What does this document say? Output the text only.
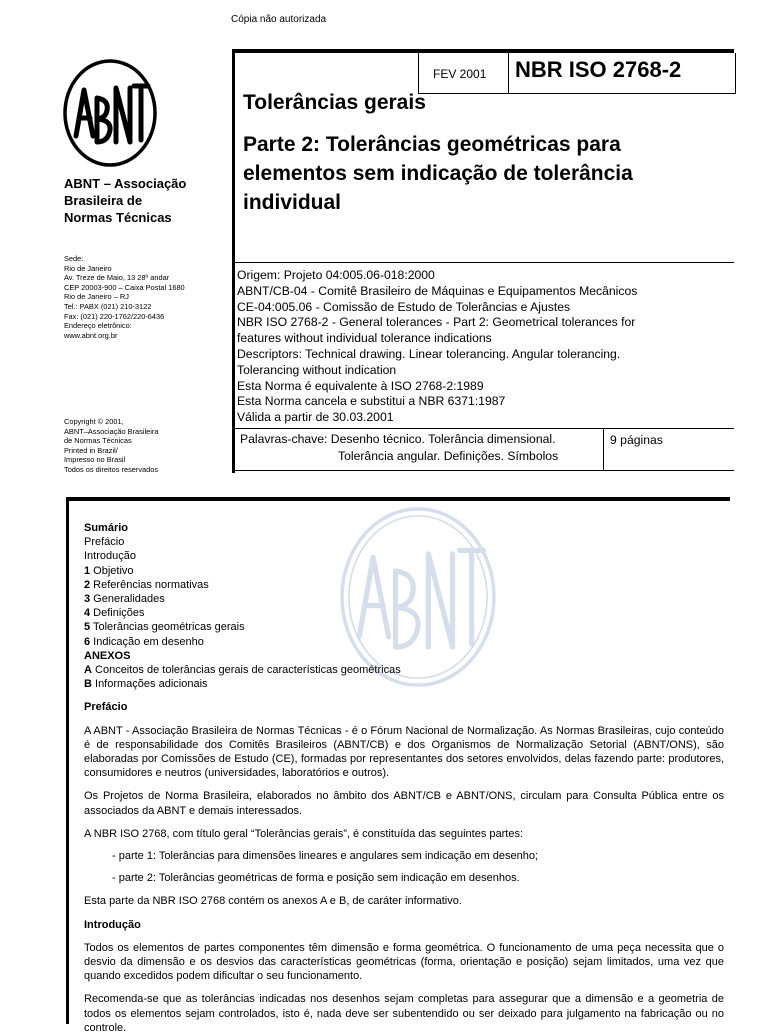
Cópia não autorizada
ABNT – Associação
Brasileira de
Normas Técnicas
Sede:
Rio de Janeiro
Av. Treze de Maio, 13 28º andar
CEP 20003-900 – Caixa Postal 1680
Rio de Janeiro – RJ
Tel.: PABX (021) 210-3122
Fax: (021) 220-1762/220-6436
Endereço eletrônico:
www.abnt.org.br
Copyright © 2001,
ABNT–Associação Brasileira
de Normas Técnicas
Printed in Brazil/
Impresso no Brasil
Todos os direitos reservados
FEV 2001 NBR ISO 2768-2
Tolerâncias gerais
Parte 2: Tolerâncias geométricas para
elementos sem indicação de tolerância
individual
Origem: Projeto 04:005.06-018:2000
ABNT/CB-04 - Comitê Brasileiro de Máquinas e Equipamentos Mecânicos
CE-04:005.06 - Comissão de Estudo de Tolerâncias e Ajustes
NBR ISO 2768-2 - General tolerances - Part 2: Geometrical tolerances for
features without individual tolerance indications
Descriptors: Technical drawing. Linear tolerancing. Angular tolerancing.
Tolerancing without indication
Esta Norma é equivalente à ISO 2768-2:1989
Esta Norma cancela e substitui a NBR 6371:1987
Válida a partir de 30.03.2001
Palavras-chave: Desenho técnico. Tolerância dimensional.
Tolerância angular. Definições. Símbolos
9 páginas
Sumário
Prefácio
Introdução
1 Objetivo
2 Referências normativas
3 Generalidades
4 Definições
5 Tolerâncias geométricas gerais
6 Indicação em desenho
ANEXOS
A Conceitos de tolerâncias gerais de características geométricas
B Informações adicionais
Prefácio
A ABNT - Associação Brasileira de Normas Técnicas - é o Fórum Nacional de Normalização. As Normas Brasileiras, cujo conteúdo é de responsabilidade dos Comitês Brasileiros (ABNT/CB) e dos Organismos de Normalização Setorial (ABNT/ONS), são elaboradas por Comissões de Estudo (CE), formadas por representantes dos setores envolvidos, delas fazendo parte: produtores, consumidores e neutros (universidades, laboratórios e outros).
Os Projetos de Norma Brasileira, elaborados no âmbito dos ABNT/CB e ABNT/ONS, circulam para Consulta Pública entre os associados da ABNT e demais interessados.
A NBR ISO 2768, com título geral “Tolerâncias gerais”, é constituída das seguintes partes:
- parte 1: Tolerâncias para dimensões lineares e angulares sem indicação em desenho;
- parte 2: Tolerâncias geométricas de forma e posição sem indicação em desenhos.
Esta parte da NBR ISO 2768 contém os anexos A e B, de caráter informativo.
Introdução
Todos os elementos de partes componentes têm dimensão e forma geométrica. O funcionamento de uma peça necessita que o desvio da dimensão e os desvios das características geométricas (forma, orientação e posição) sejam limitados, uma vez que quando excedidos podem dificultar o seu funcionamento.
Recomenda-se que as tolerâncias indicadas nos desenhos sejam completas para assegurar que a dimensão e a geometria de todos os elementos sejam controlados, isto é, nada deve ser subentendido ou ser deixado para julgamento na fabricação ou no controle.
